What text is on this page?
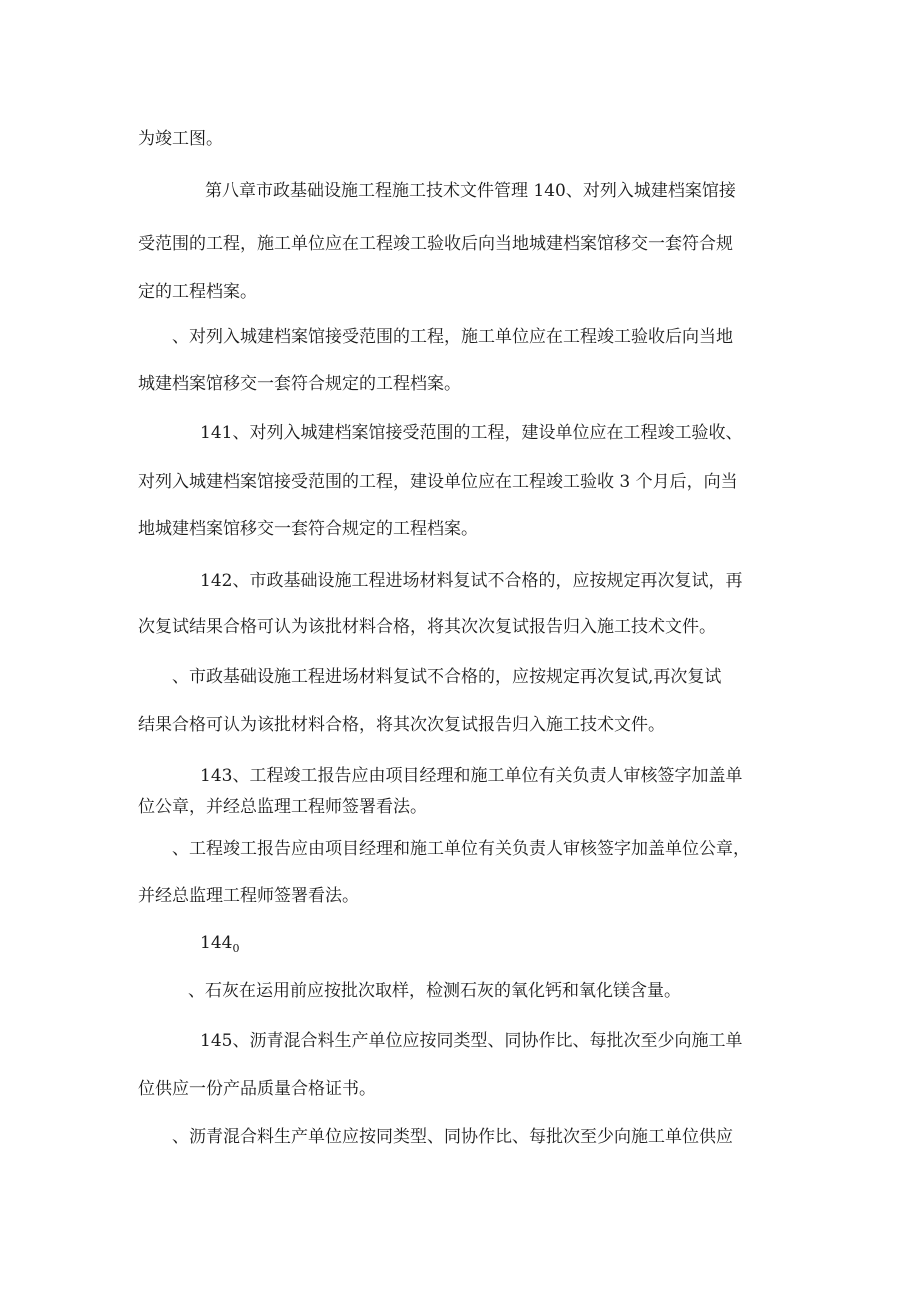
为竣工图。
第八章市政基础设施工程施工技术文件管理 140、对列入城建档案馆接
受范围的工程，施工单位应在工程竣工验收后向当地城建档案馆移交一套符合规
定的工程档案。
、对列入城建档案馆接受范围的工程，施工单位应在工程竣工验收后向当地
城建档案馆移交一套符合规定的工程档案。
141、对列入城建档案馆接受范围的工程，建设单位应在工程竣工验收、
对列入城建档案馆接受范围的工程，建设单位应在工程竣工验收 3 个月后，向当
地城建档案馆移交一套符合规定的工程档案。
142、市政基础设施工程进场材料复试不合格的，应按规定再次复试，再
次复试结果合格可认为该批材料合格，将其次次复试报告归入施工技术文件。
、市政基础设施工程进场材料复试不合格的，应按规定再次复试,再次复试
结果合格可认为该批材料合格，将其次次复试报告归入施工技术文件。
143、工程竣工报告应由项目经理和施工单位有关负责人审核签字加盖单
位公章，并经总监理工程师签署看法。
、工程竣工报告应由项目经理和施工单位有关负责人审核签字加盖单位公章，
并经总监理工程师签署看法。
$144_0$
、石灰在运用前应按批次取样，检测石灰的氧化钙和氧化镁含量。
145、沥青混合料生产单位应按同类型、同协作比、每批次至少向施工单
位供应一份产品质量合格证书。
、沥青混合料生产单位应按同类型、同协作比、每批次至少向施工单位供应
